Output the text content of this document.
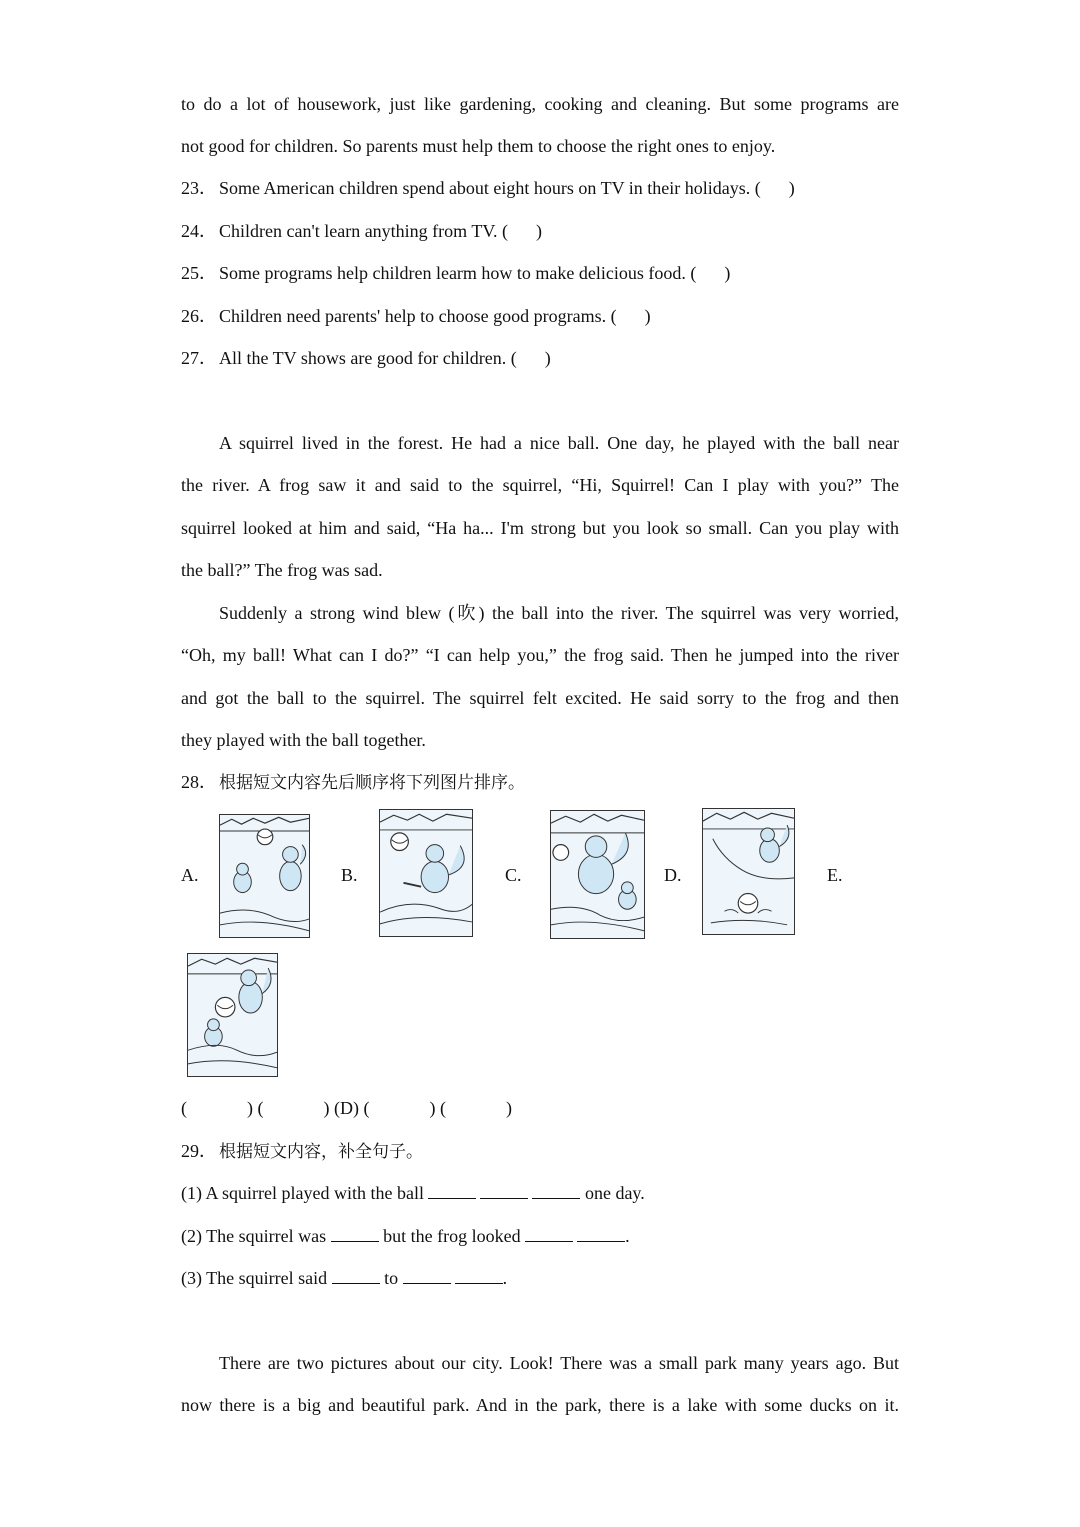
to do a lot of housework, just like gardening, cooking and cleaning. But some programs are
not good for children. So parents must help them to choose the right ones to enjoy.
23． Some American children spend about eight hours on TV in their holidays. ( )
24． Children can't learn anything from TV. ( )
25． Some programs help children learm how to make delicious food. ( )
26． Children need parents' help to choose good programs. ( )
27． All the TV shows are good for children. ( )
A squirrel lived in the forest. He had a nice ball. One day, he played with the ball near
the river. A frog saw it and said to the squirrel, “Hi, Squirrel! Can I play with you?” The
squirrel looked at him and said, “Ha ha... I'm strong but you look so small. Can you play with
the ball?” The frog was sad.
Suddenly a strong wind blew (吹) the ball into the river. The squirrel was very worried,
“Oh, my ball! What can I do?” “I can help you,” the frog said. Then he jumped into the river
and got the ball to the squirrel. The squirrel felt excited. He said sorry to the frog and then
they played with the ball together.
28． 根据短文内容先后顺序将下列图片排序。
A.	B.	C.	D.	E.
(	) (	) (D) (	) (	)
29． 根据短文内容，补全句子。
(1) A squirrel played with the ball	one day.
(2) The squirrel was	but the frog looked	.
(3) The squirrel said	to	.
There are two pictures about our city. Look! There was a small park many years ago. But
now there is a big and beautiful park. And in the park, there is a lake with some ducks on it.
